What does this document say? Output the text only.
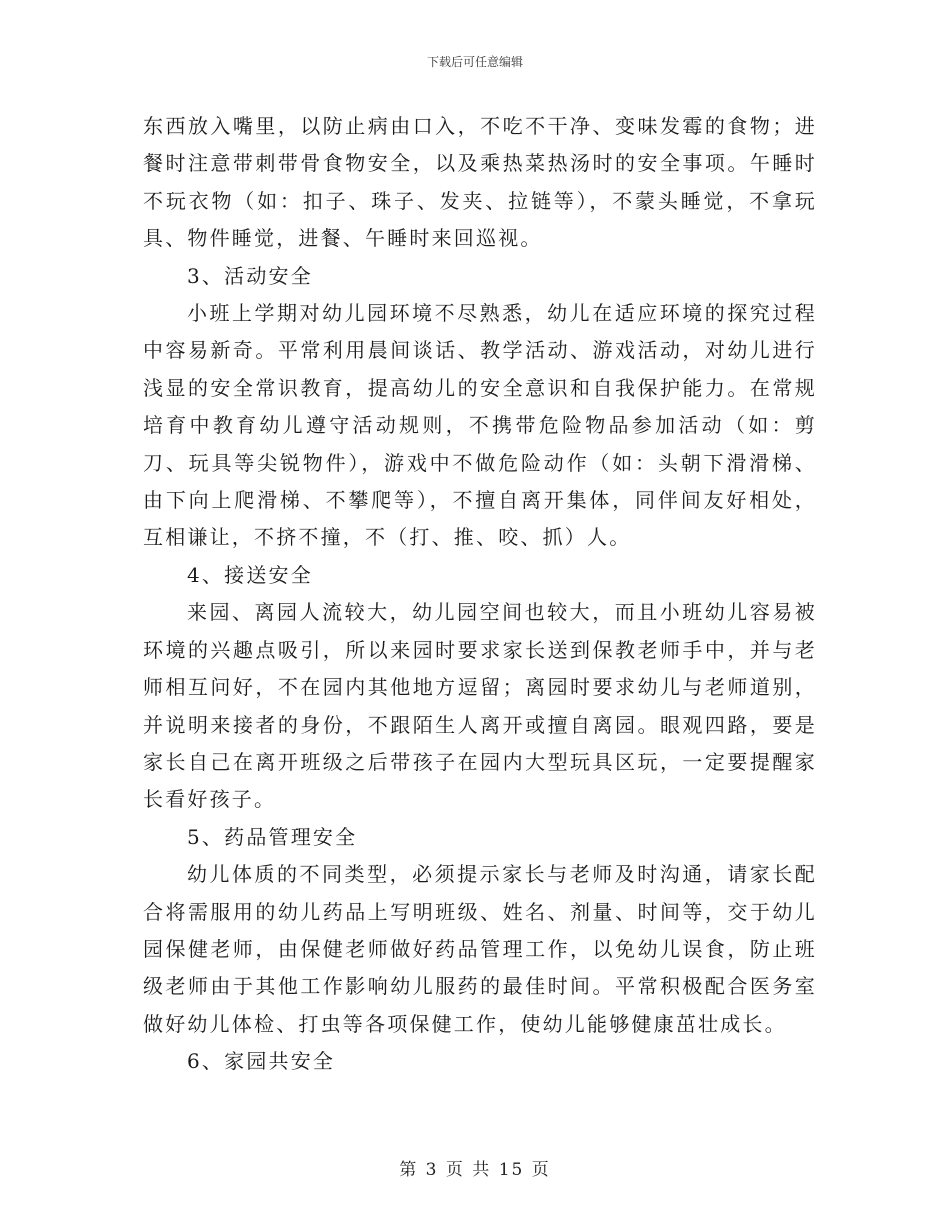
下载后可任意编辑

东西放入嘴里，以防止病由口入，不吃不干净、变味发霉的食物；进餐时注意带刺带骨食物安全，以及乘热菜热汤时的安全事项。午睡时不玩衣物（如：扣子、珠子、发夹、拉链等），不蒙头睡觉，不拿玩具、物件睡觉，进餐、午睡时来回巡视。

3、活动安全

小班上学期对幼儿园环境不尽熟悉，幼儿在适应环境的探究过程中容易新奇。平常利用晨间谈话、教学活动、游戏活动，对幼儿进行浅显的安全常识教育，提高幼儿的安全意识和自我保护能力。在常规培育中教育幼儿遵守活动规则，不携带危险物品参加活动（如：剪刀、玩具等尖锐物件），游戏中不做危险动作（如：头朝下滑滑梯、由下向上爬滑梯、不攀爬等），不擅自离开集体，同伴间友好相处，互相谦让，不挤不撞，不（打、推、咬、抓）人。

4、接送安全

来园、离园人流较大，幼儿园空间也较大，而且小班幼儿容易被环境的兴趣点吸引，所以来园时要求家长送到保教老师手中，并与老师相互问好，不在园内其他地方逗留；离园时要求幼儿与老师道别，并说明来接者的身份，不跟陌生人离开或擅自离园。眼观四路，要是家长自己在离开班级之后带孩子在园内大型玩具区玩，一定要提醒家长看好孩子。

5、药品管理安全

幼儿体质的不同类型，必须提示家长与老师及时沟通，请家长配合将需服用的幼儿药品上写明班级、姓名、剂量、时间等，交于幼儿园保健老师，由保健老师做好药品管理工作，以免幼儿误食，防止班级老师由于其他工作影响幼儿服药的最佳时间。平常积极配合医务室做好幼儿体检、打虫等各项保健工作，使幼儿能够健康茁壮成长。

6、家园共安全

第 3 页 共 15 页
